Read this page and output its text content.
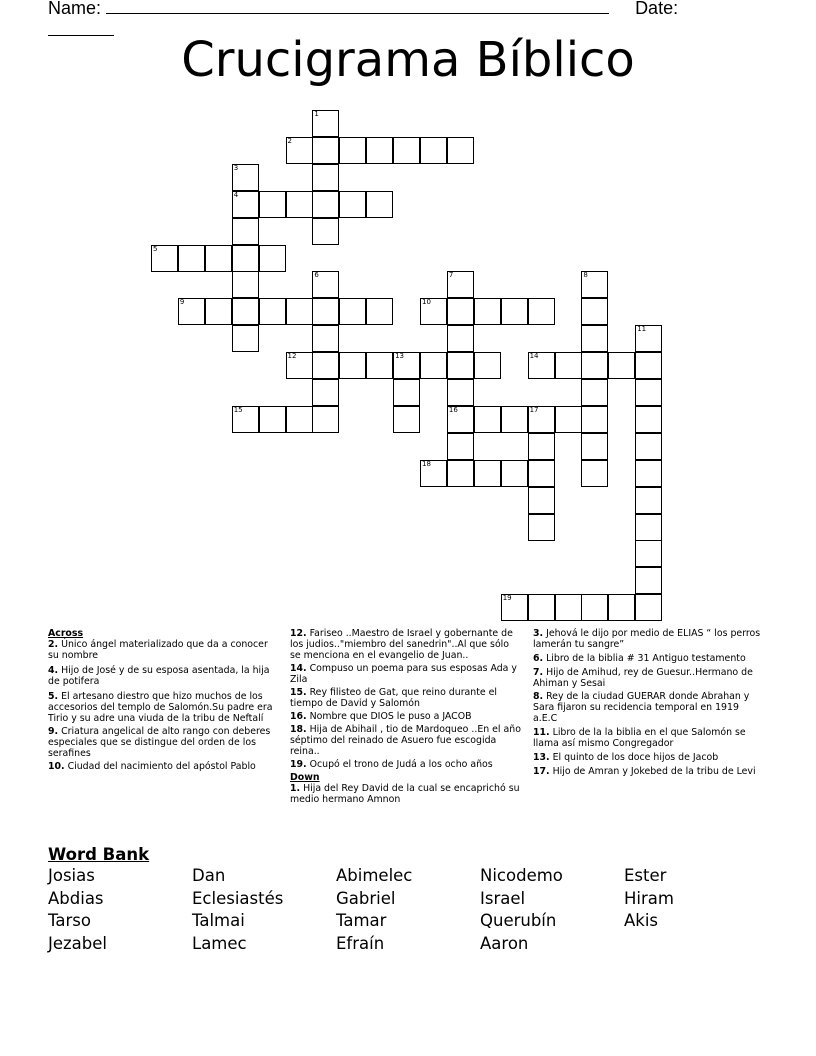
Name:	Date:
Crucigrama Bíblico
1
2
3
4
5
6	7
16
8
9	10
11
12	13	14
15	17
18
19
Across
2. Único ángel materializado que da a conocer su nombre
4. Hijo de José y de su esposa asentada, la hija de potifera
5. El artesano diestro que hizo muchos de los accesorios del templo de Salomón.Su padre era Tirio y su adre una viuda de la tribu de Neftalí
9. Criatura angelical de alto rango con deberes especiales que se distingue del orden de los serafines
10. Ciudad del nacimiento del apóstol Pablo
12. Fariseo ..Maestro de Israel y gobernante de los judios.."miembro del sanedrin"..Al que sólo se menciona en el evangelio de Juan..
14. Compuso un poema para sus esposas Ada y Zila
15. Rey filisteo de Gat, que reino durante el tiempo de David y Salomón
16. Nombre que DIOS le puso a JACOB
18. Hija de Abihail , tio de Mardoqueo ..En el año séptimo del reinado de Asuero fue escogida reina..
19. Ocupó el trono de Judá a los ocho años
Down
1. Hija del Rey David de la cual se encaprichó su medio hermano Amnon
3. Jehová le dijo por medio de ELIAS “ los perros lamerán tu sangre”
6. Libro de la biblia # 31 Antiguo testamento
7. Hijo de Amihud, rey de Guesur..Hermano de Ahiman y Sesai
8. Rey de la ciudad GUERAR donde Abrahan y Sara fijaron su recidencia temporal en 1919 a.E.C
11. Libro de la la biblia en el que Salomón se llama así mismo Congregador
13. El quinto de los doce hijos de Jacob
17. Hijo de Amran y Jokebed de la tribu de Levi
Word Bank
Josias	Dan	Abimelec	Nicodemo	Ester
Abdias	Eclesiastés	Gabriel	Israel	Hiram
Tarso	Talmai	Tamar	Querubín	Akis
Jezabel	Lamec	Efraín	Aaron
